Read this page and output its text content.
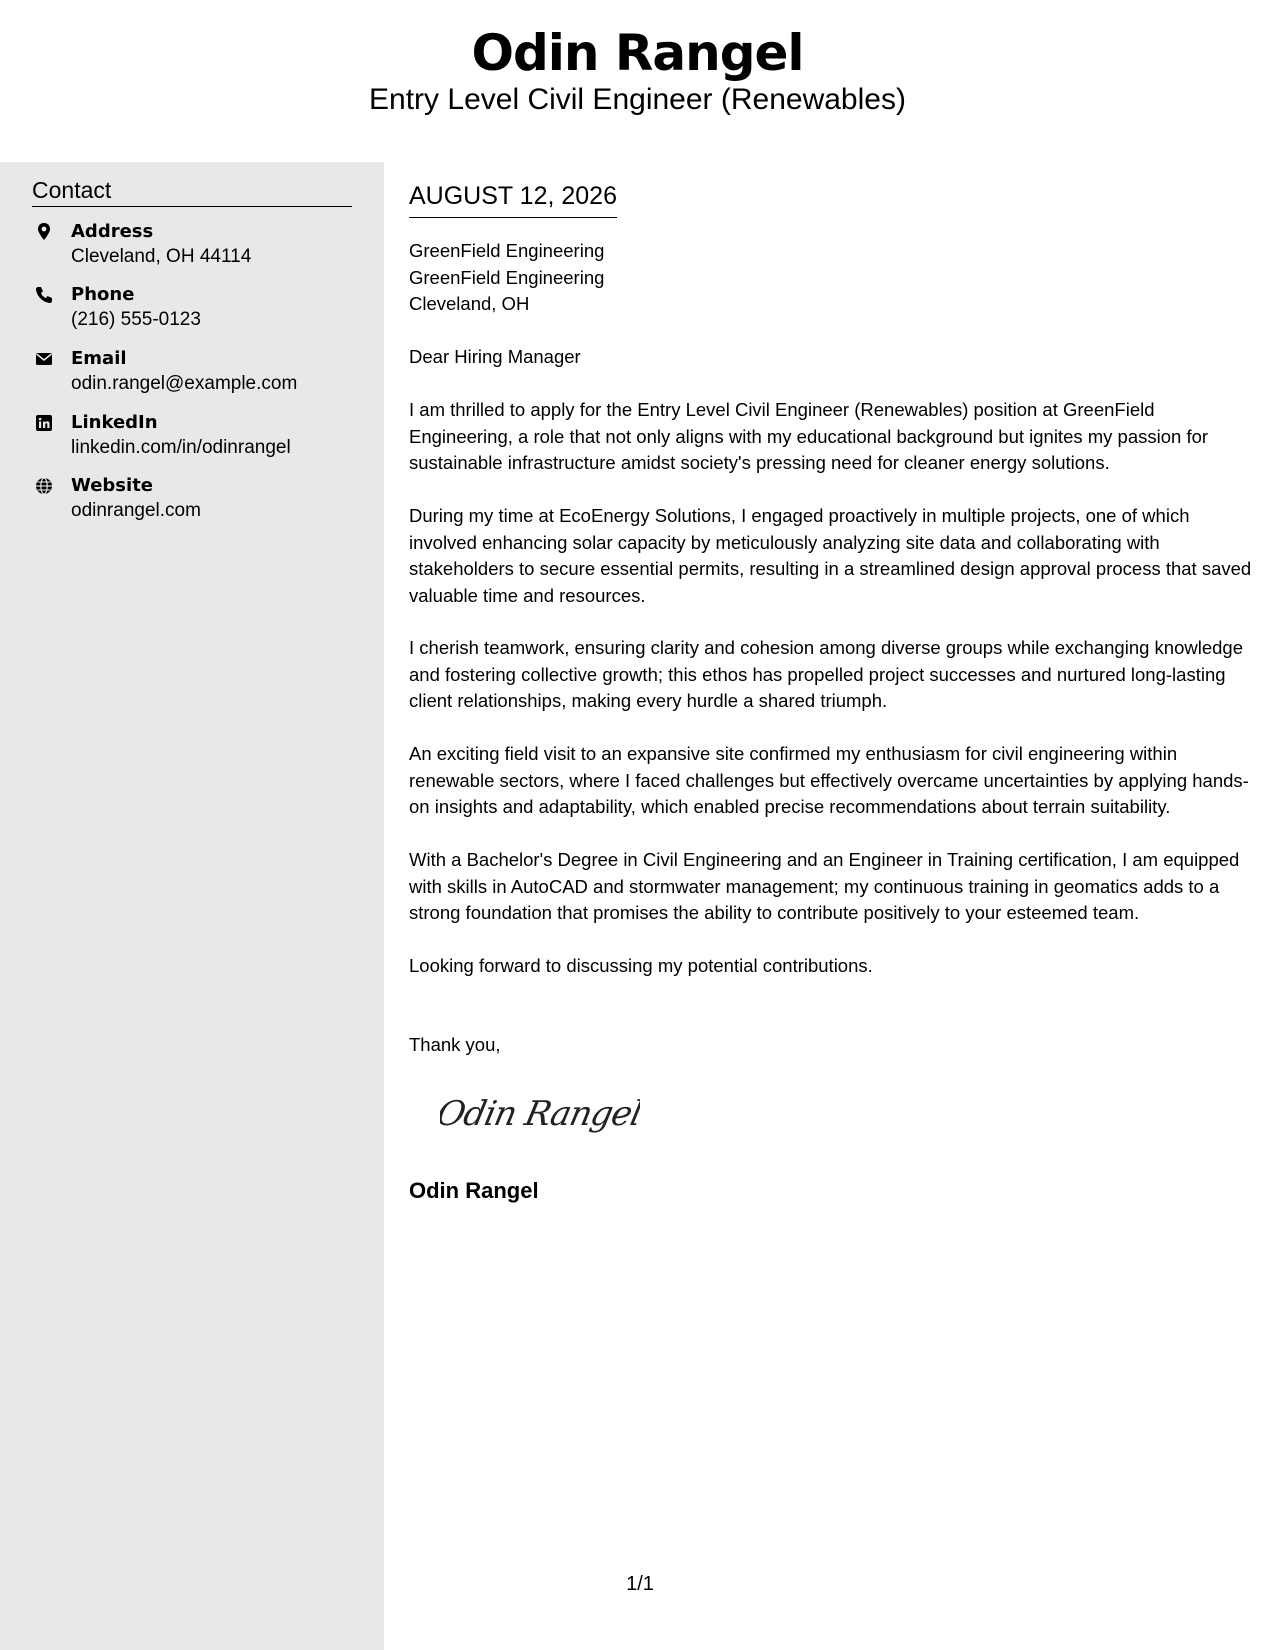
Odin Rangel
Entry Level Civil Engineer (Renewables)
Contact
Address
Cleveland, OH 44114
Phone
(216) 555-0123
Email
odin.rangel@example.com
LinkedIn
linkedin.com/in/odinrangel
Website
odinrangel.com
AUGUST 12, 2026
GreenField Engineering
GreenField Engineering
Cleveland, OH
Dear Hiring Manager
I am thrilled to apply for the Entry Level Civil Engineer (Renewables) position at GreenField Engineering, a role that not only aligns with my educational background but ignites my passion for sustainable infrastructure amidst society's pressing need for cleaner energy solutions.
During my time at EcoEnergy Solutions, I engaged proactively in multiple projects, one of which involved enhancing solar capacity by meticulously analyzing site data and collaborating with stakeholders to secure essential permits, resulting in a streamlined design approval process that saved valuable time and resources.
I cherish teamwork, ensuring clarity and cohesion among diverse groups while exchanging knowledge and fostering collective growth; this ethos has propelled project successes and nurtured long-lasting client relationships, making every hurdle a shared triumph.
An exciting field visit to an expansive site confirmed my enthusiasm for civil engineering within renewable sectors, where I faced challenges but effectively overcame uncertainties by applying hands-on insights and adaptability, which enabled precise recommendations about terrain suitability.
With a Bachelor's Degree in Civil Engineering and an Engineer in Training certification, I am equipped with skills in AutoCAD and stormwater management; my continuous training in geomatics adds to a strong foundation that promises the ability to contribute positively to your esteemed team.
Looking forward to discussing my potential contributions.
Thank you,
Odin Rangel
Odin Rangel
1/1
